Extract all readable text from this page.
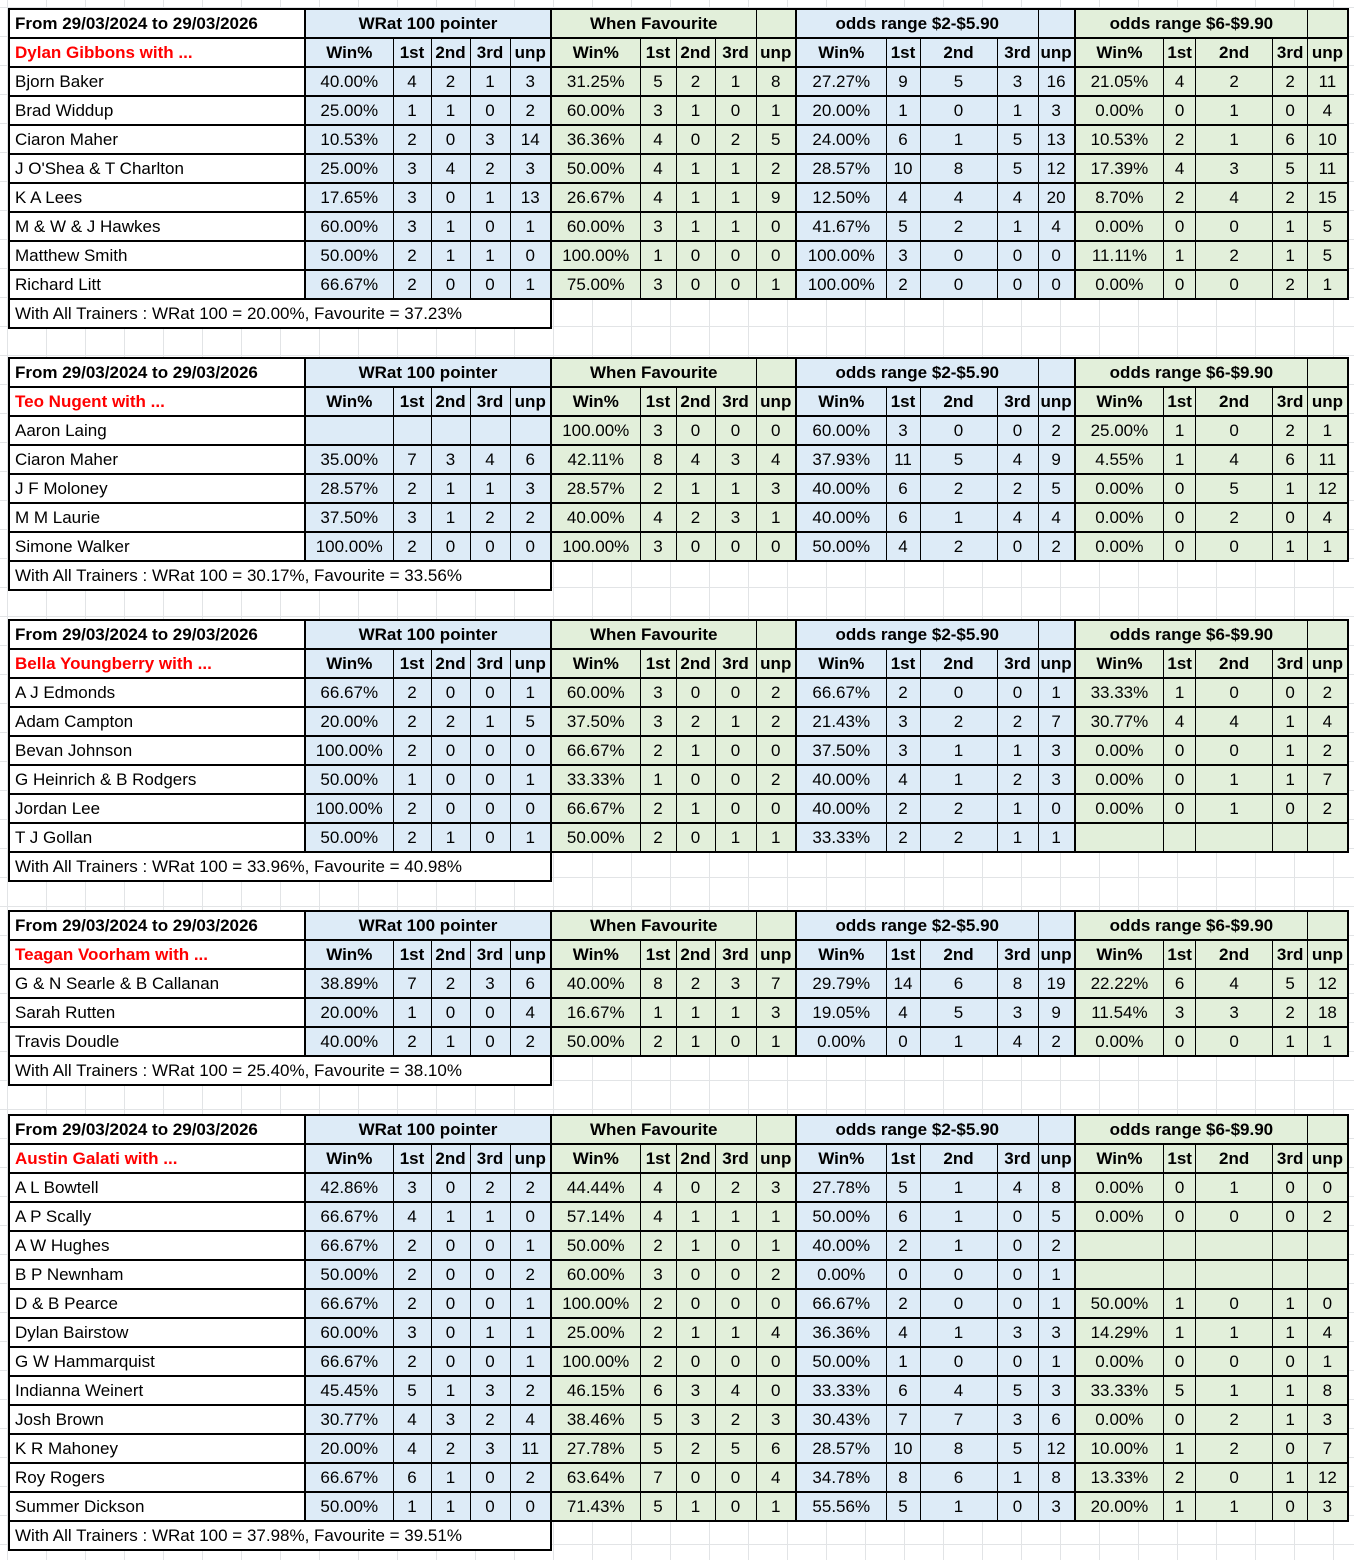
From 29/03/2024 to 29/03/2026	WRat 100 pointer					When Favourite					odds range $2-$5.90					odds range $6-$9.90				
Dylan Gibbons with ...	Win%	1st	2nd	3rd	unp	Win%	1st	2nd	3rd	unp	Win%	1st	2nd	3rd	unp	Win%	1st	2nd	3rd	unp
Bjorn Baker	40.00%	4	2	1	3	31.25%	5	2	1	8	27.27%	9	5	3	16	21.05%	4	2	2	11
Brad Widdup	25.00%	1	1	0	2	60.00%	3	1	0	1	20.00%	1	0	1	3	0.00%	0	1	0	4
Ciaron Maher	10.53%	2	0	3	14	36.36%	4	0	2	5	24.00%	6	1	5	13	10.53%	2	1	6	10
J O'Shea & T Charlton	25.00%	3	4	2	3	50.00%	4	1	1	2	28.57%	10	8	5	12	17.39%	4	3	5	11
K A Lees	17.65%	3	0	1	13	26.67%	4	1	1	9	12.50%	4	4	4	20	8.70%	2	4	2	15
M & W & J Hawkes	60.00%	3	1	0	1	60.00%	3	1	1	0	41.67%	5	2	1	4	0.00%	0	0	1	5
Matthew Smith	50.00%	2	1	1	0	100.00%	1	0	0	0	100.00%	3	0	0	0	11.11%	1	2	1	5
Richard Litt	66.67%	2	0	0	1	75.00%	3	0	0	1	100.00%	2	0	0	0	0.00%	0	0	2	1
With All Trainers : WRat 100 = 20.00%, Favourite = 37.23%																				
From 29/03/2024 to 29/03/2026	WRat 100 pointer					When Favourite					odds range $2-$5.90					odds range $6-$9.90				
Teo Nugent with ...	Win%	1st	2nd	3rd	unp	Win%	1st	2nd	3rd	unp	Win%	1st	2nd	3rd	unp	Win%	1st	2nd	3rd	unp
Aaron Laing						100.00%	3	0	0	0	60.00%	3	0	0	2	25.00%	1	0	2	1
Ciaron Maher	35.00%	7	3	4	6	42.11%	8	4	3	4	37.93%	11	5	4	9	4.55%	1	4	6	11
J F Moloney	28.57%	2	1	1	3	28.57%	2	1	1	3	40.00%	6	2	2	5	0.00%	0	5	1	12
M M Laurie	37.50%	3	1	2	2	40.00%	4	2	3	1	40.00%	6	1	4	4	0.00%	0	2	0	4
Simone Walker	100.00%	2	0	0	0	100.00%	3	0	0	0	50.00%	4	2	0	2	0.00%	0	0	1	1
With All Trainers : WRat 100 = 30.17%, Favourite = 33.56%																				
From 29/03/2024 to 29/03/2026	WRat 100 pointer					When Favourite					odds range $2-$5.90					odds range $6-$9.90				
Bella Youngberry with ...	Win%	1st	2nd	3rd	unp	Win%	1st	2nd	3rd	unp	Win%	1st	2nd	3rd	unp	Win%	1st	2nd	3rd	unp
A J Edmonds	66.67%	2	0	0	1	60.00%	3	0	0	2	66.67%	2	0	0	1	33.33%	1	0	0	2
Adam Campton	20.00%	2	2	1	5	37.50%	3	2	1	2	21.43%	3	2	2	7	30.77%	4	4	1	4
Bevan Johnson	100.00%	2	0	0	0	66.67%	2	1	0	0	37.50%	3	1	1	3	0.00%	0	0	1	2
G Heinrich & B Rodgers	50.00%	1	0	0	1	33.33%	1	0	0	2	40.00%	4	1	2	3	0.00%	0	1	1	7
Jordan Lee	100.00%	2	0	0	0	66.67%	2	1	0	0	40.00%	2	2	1	0	0.00%	0	1	0	2
T J Gollan	50.00%	2	1	0	1	50.00%	2	0	1	1	33.33%	2	2	1	1					
With All Trainers : WRat 100 = 33.96%, Favourite = 40.98%																				
From 29/03/2024 to 29/03/2026	WRat 100 pointer					When Favourite					odds range $2-$5.90					odds range $6-$9.90				
Teagan Voorham with ...	Win%	1st	2nd	3rd	unp	Win%	1st	2nd	3rd	unp	Win%	1st	2nd	3rd	unp	Win%	1st	2nd	3rd	unp
G & N Searle & B Callanan	38.89%	7	2	3	6	40.00%	8	2	3	7	29.79%	14	6	8	19	22.22%	6	4	5	12
Sarah Rutten	20.00%	1	0	0	4	16.67%	1	1	1	3	19.05%	4	5	3	9	11.54%	3	3	2	18
Travis Doudle	40.00%	2	1	0	2	50.00%	2	1	0	1	0.00%	0	1	4	2	0.00%	0	0	1	1
With All Trainers : WRat 100 = 25.40%, Favourite = 38.10%																				
From 29/03/2024 to 29/03/2026	WRat 100 pointer					When Favourite					odds range $2-$5.90					odds range $6-$9.90				
Austin Galati with ...	Win%	1st	2nd	3rd	unp	Win%	1st	2nd	3rd	unp	Win%	1st	2nd	3rd	unp	Win%	1st	2nd	3rd	unp
A L Bowtell	42.86%	3	0	2	2	44.44%	4	0	2	3	27.78%	5	1	4	8	0.00%	0	1	0	0
A P Scally	66.67%	4	1	1	0	57.14%	4	1	1	1	50.00%	6	1	0	5	0.00%	0	0	0	2
A W Hughes	66.67%	2	0	0	1	50.00%	2	1	0	1	40.00%	2	1	0	2					
B P Newnham	50.00%	2	0	0	2	60.00%	3	0	0	2	0.00%	0	0	0	1					
D & B Pearce	66.67%	2	0	0	1	100.00%	2	0	0	0	66.67%	2	0	0	1	50.00%	1	0	1	0
Dylan Bairstow	60.00%	3	0	1	1	25.00%	2	1	1	4	36.36%	4	1	3	3	14.29%	1	1	1	4
G W Hammarquist	66.67%	2	0	0	1	100.00%	2	0	0	0	50.00%	1	0	0	1	0.00%	0	0	0	1
Indianna Weinert	45.45%	5	1	3	2	46.15%	6	3	4	0	33.33%	6	4	5	3	33.33%	5	1	1	8
Josh Brown	30.77%	4	3	2	4	38.46%	5	3	2	3	30.43%	7	7	3	6	0.00%	0	2	1	3
K R Mahoney	20.00%	4	2	3	11	27.78%	5	2	5	6	28.57%	10	8	5	12	10.00%	1	2	0	7
Roy Rogers	66.67%	6	1	0	2	63.64%	7	0	0	4	34.78%	8	6	1	8	13.33%	2	0	1	12
Summer Dickson	50.00%	1	1	0	0	71.43%	5	1	0	1	55.56%	5	1	0	3	20.00%	1	1	0	3
With All Trainers : WRat 100 = 37.98%, Favourite = 39.51%																				
